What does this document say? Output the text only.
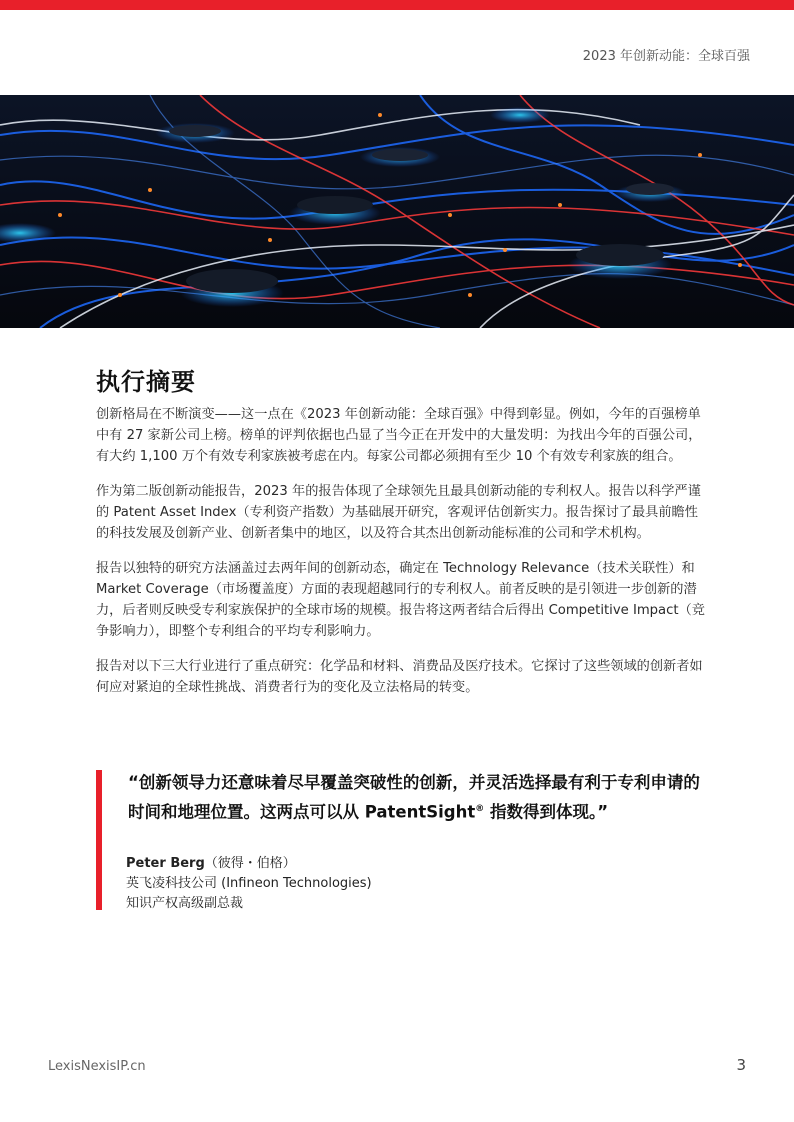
2023 年创新动能：全球百强
执行摘要

创新格局在不断演变——这一点在《2023 年创新动能：全球百强》中得到彰显。例如，今年的百强榜单中有 27 家新公司上榜。榜单的评判依据也凸显了当今正在开发中的大量发明：为找出今年的百强公司，有大约 1,100 万个有效专利家族被考虑在内。每家公司都必须拥有至少 10 个有效专利家族的组合。

作为第二版创新动能报告，2023 年的报告体现了全球领先且最具创新动能的专利权人。报告以科学严谨的 Patent Asset Index（专利资产指数）为基础展开研究，客观评估创新实力。报告探讨了最具前瞻性的科技发展及创新产业、创新者集中的地区，以及符合其杰出创新动能标准的公司和学术机构。

报告以独特的研究方法涵盖过去两年间的创新动态，确定在 Technology Relevance（技术关联性）和 Market Coverage（市场覆盖度）方面的表现超越同行的专利权人。前者反映的是引领进一步创新的潜力，后者则反映受专利家族保护的全球市场的规模。报告将这两者结合后得出 Competitive Impact（竞争影响力），即整个专利组合的平均专利影响力。

报告对以下三大行业进行了重点研究：化学品和材料、消费品及医疗技术。它探讨了这些领域的创新者如何应对紧迫的全球性挑战、消费者行为的变化及立法格局的转变。

“创新领导力还意味着尽早覆盖突破性的创新，并灵活选择最有利于专利申请的时间和地理位置。这两点可以从 PatentSight® 指数得到体现。”

Peter Berg（彼得・伯格）
英飞凌科技公司 (Infineon Technologies)
知识产权高级副总裁
LexisNexisIP.cn	3
